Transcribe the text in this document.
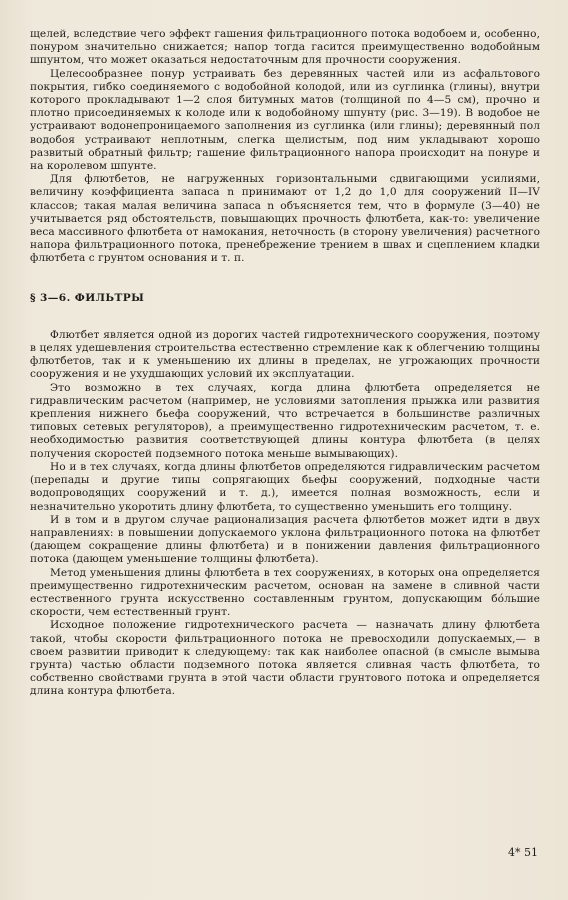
щелей, вследствие чего эффект гашения фильтрационного потока водобоем и, особенно, понуром значительно снижается; напор тогда гасится преимущественно водобойным шпунтом, что может оказаться недостаточным для прочности сооружения.

Целесообразнее понур устраивать без деревянных частей или из асфальтового покрытия, гибко соединяемого с водобойной колодой, или из суглинка (глины), внутри которого прокладывают 1—2 слоя битумных матов (толщиной по 4—5 см), прочно и плотно присоединяемых к колоде или к водобойному шпунту (рис. 3—19). В водобое не устраивают водонепроницаемого заполнения из суглинка (или глины); деревянный пол водобоя устраивают неплотным, слегка щелистым, под ним укладывают хорошо развитый обратный фильтр; гашение фильтрационного напора происходит на понуре и на королевом шпунте.

Для флютбетов, не нагруженных горизонтальными сдвигающими усилиями, величину коэффициента запаса n принимают от 1,2 до 1,0 для сооружений II—IV классов; такая малая величина запаса n объясняется тем, что в формуле (3—40) не учитывается ряд обстоятельств, повышающих прочность флютбета, как-то: увеличение веса массивного флютбета от намокания, неточность (в сторону увеличения) расчетного напора фильтрационного потока, пренебрежение трением в швах и сцеплением кладки флютбета с грунтом основания и т. п.

§ 3—6. ФИЛЬТРЫ

Флютбет является одной из дорогих частей гидротехнического сооружения, поэтому в целях удешевления строительства естественно стремление как к облегчению толщины флютбетов, так и к уменьшению их длины в пределах, не угрожающих прочности сооружения и не ухудшающих условий их эксплуатации.

Это возможно в тех случаях, когда длина флютбета определяется не гидравлическим расчетом (например, не условиями затопления прыжка или развития крепления нижнего бьефа сооружений, что встречается в большинстве различных типовых сетевых регуляторов), а преимущественно гидротехническим расчетом, т. е. необходимостью развития соответствующей длины контура флютбета (в целях получения скоростей подземного потока меньше вымывающих).

Но и в тех случаях, когда длины флютбетов определяются гидравлическим расчетом (перепады и другие типы сопрягающих бьефы сооружений, подходные части водопроводящих сооружений и т. д.), имеется полная возможность, если и незначительно укоротить длину флютбета, то существенно уменьшить его толщину.

И в том и в другом случае рационализация расчета флютбетов может идти в двух направлениях: в повышении допускаемого уклона фильтрационного потока на флютбет (дающем сокращение длины флютбета) и в понижении давления фильтрационного потока (дающем уменьшение толщины флютбета).

Метод уменьшения длины флютбета в тех сооружениях, в которых она определяется преимущественно гидротехническим расчетом, основан на замене в сливной части естественного грунта искусственно составленным грунтом, допускающим бо́льшие скорости, чем естественный грунт.

Исходное положение гидротехнического расчета — назначать длину флютбета такой, чтобы скорости фильтрационного потока не превосходили допускаемых,— в своем развитии приводит к следующему: так как наиболее опасной (в смысле вымыва грунта) частью области подземного потока является сливная часть флютбета, то собственно свойствами грунта в этой части области грунтового потока и определяется длина контура флютбета.

4* 51
